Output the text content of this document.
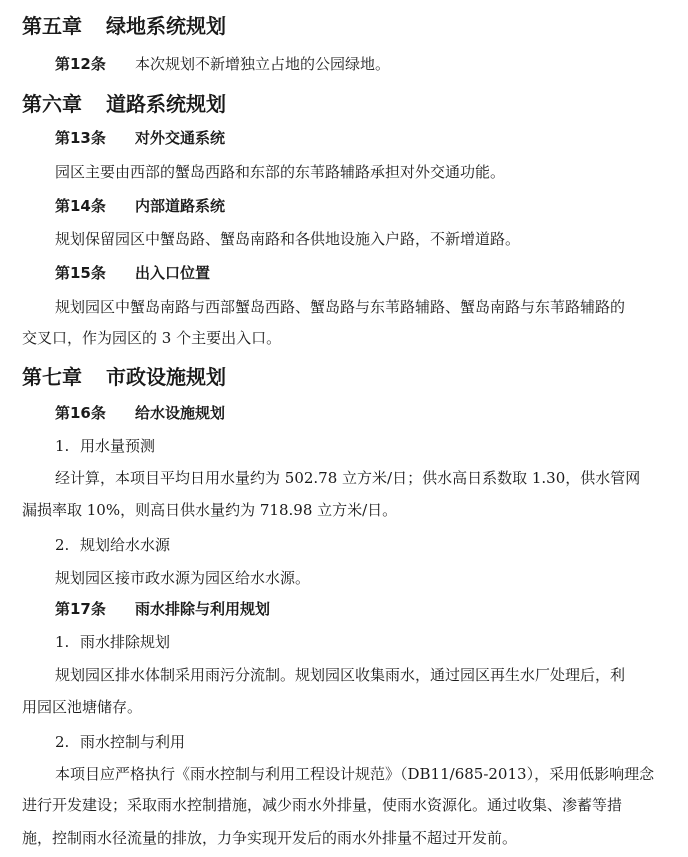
第五章 绿地系统规划
第12条 本次规划不新增独立占地的公园绿地。
第六章 道路系统规划
第13条 对外交通系统
园区主要由西部的蟹岛西路和东部的东苇路辅路承担对外交通功能。
第14条 内部道路系统
规划保留园区中蟹岛路、蟹岛南路和各供地设施入户路，不新增道路。
第15条 出入口位置
规划园区中蟹岛南路与西部蟹岛西路、蟹岛路与东苇路辅路、蟹岛南路与东苇路辅路的
交叉口，作为园区的 3 个主要出入口。
第七章 市政设施规划
第16条 给水设施规划
1. 用水量预测
经计算，本项目平均日用水量约为 502.78 立方米/日；供水高日系数取 1.30，供水管网
漏损率取 10%，则高日供水量约为 718.98 立方米/日。
2. 规划给水水源
规划园区接市政水源为园区给水水源。
第17条 雨水排除与利用规划
1. 雨水排除规划
规划园区排水体制采用雨污分流制。规划园区收集雨水，通过园区再生水厂处理后，利
用园区池塘储存。
2. 雨水控制与利用
本项目应严格执行《雨水控制与利用工程设计规范》（DB11/685-2013），采用低影响理念
进行开发建设；采取雨水控制措施，减少雨水外排量，使雨水资源化。通过收集、渗蓄等措
施，控制雨水径流量的排放，力争实现开发后的雨水外排量不超过开发前。
